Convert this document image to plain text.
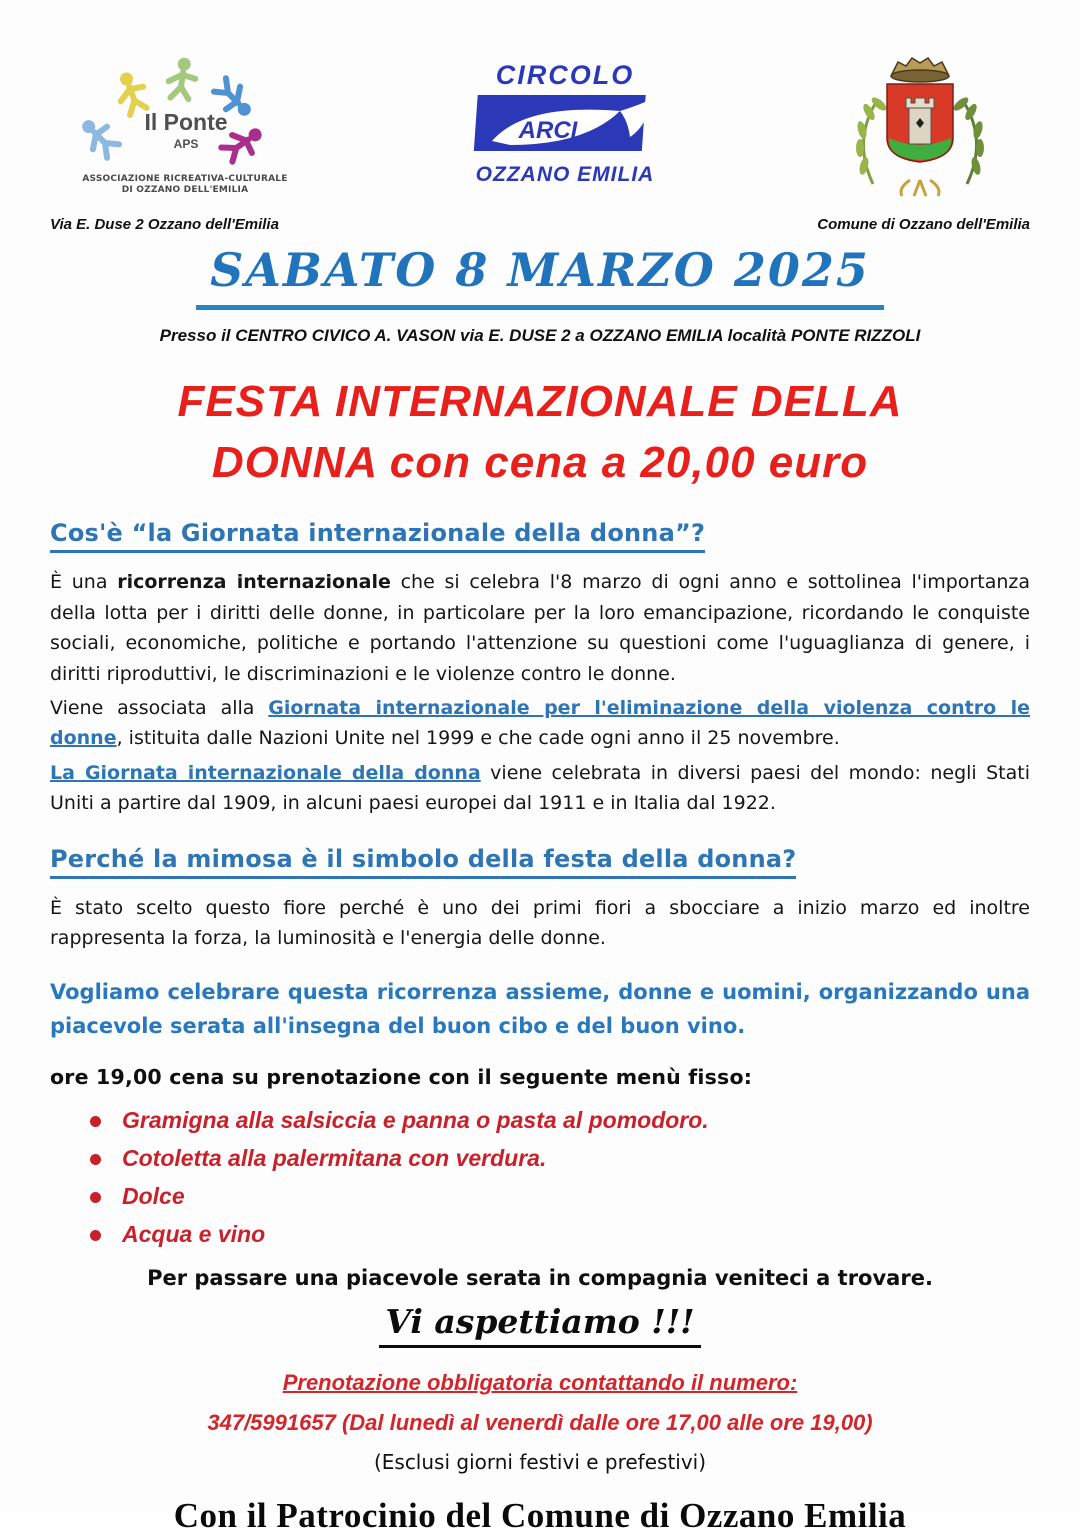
Il Ponte
APS
ASSOCIAZIONE RICREATIVA-CULTURALE
DI OZZANO DELL'EMILIA
CIRCOLO
ARCI
OZZANO EMILIA
Via E. Duse 2 Ozzano dell'Emilia	Comune di Ozzano dell'Emilia
SABATO 8 MARZO 2025
Presso il CENTRO CIVICO A. VASON via E. DUSE 2 a OZZANO EMILIA località PONTE RIZZOLI
FESTA INTERNAZIONALE DELLA
DONNA con cena a 20,00 euro
Cos'è “la Giornata internazionale della donna”?

È una ricorrenza internazionale che si celebra l'8 marzo di ogni anno e sottolinea l'importanza della lotta per i diritti delle donne, in particolare per la loro emancipazione, ricordando le conquiste sociali, economiche, politiche e portando l'attenzione su questioni come l'uguaglianza di genere, i diritti riproduttivi, le discriminazioni e le violenze contro le donne.

Viene associata alla Giornata internazionale per l'eliminazione della violenza contro le donne, istituita dalle Nazioni Unite nel 1999 e che cade ogni anno il 25 novembre.

La Giornata internazionale della donna viene celebrata in diversi paesi del mondo: negli Stati Uniti a partire dal 1909, in alcuni paesi europei dal 1911 e in Italia dal 1922.

Perché la mimosa è il simbolo della festa della donna?

È stato scelto questo fiore perché è uno dei primi fiori a sbocciare a inizio marzo ed inoltre rappresenta la forza, la luminosità e l'energia delle donne.

Vogliamo celebrare questa ricorrenza assieme, donne e uomini, organizzando una piacevole serata all'insegna del buon cibo e del buon vino.

ore 19,00 cena su prenotazione con il seguente menù fisso:

Gramigna alla salsiccia e panna o pasta al pomodoro.
Cotoletta alla palermitana con verdura.
Dolce
Acqua e vino

Per passare una piacevole serata in compagnia veniteci a trovare.

Vi aspettiamo !!!
Prenotazione obbligatoria contattando il numero:
347/5991657 (Dal lunedì al venerdì dalle ore 17,00 alle ore 19,00)
(Esclusi giorni festivi e prefestivi)
Con il Patrocinio del Comune di Ozzano Emilia
